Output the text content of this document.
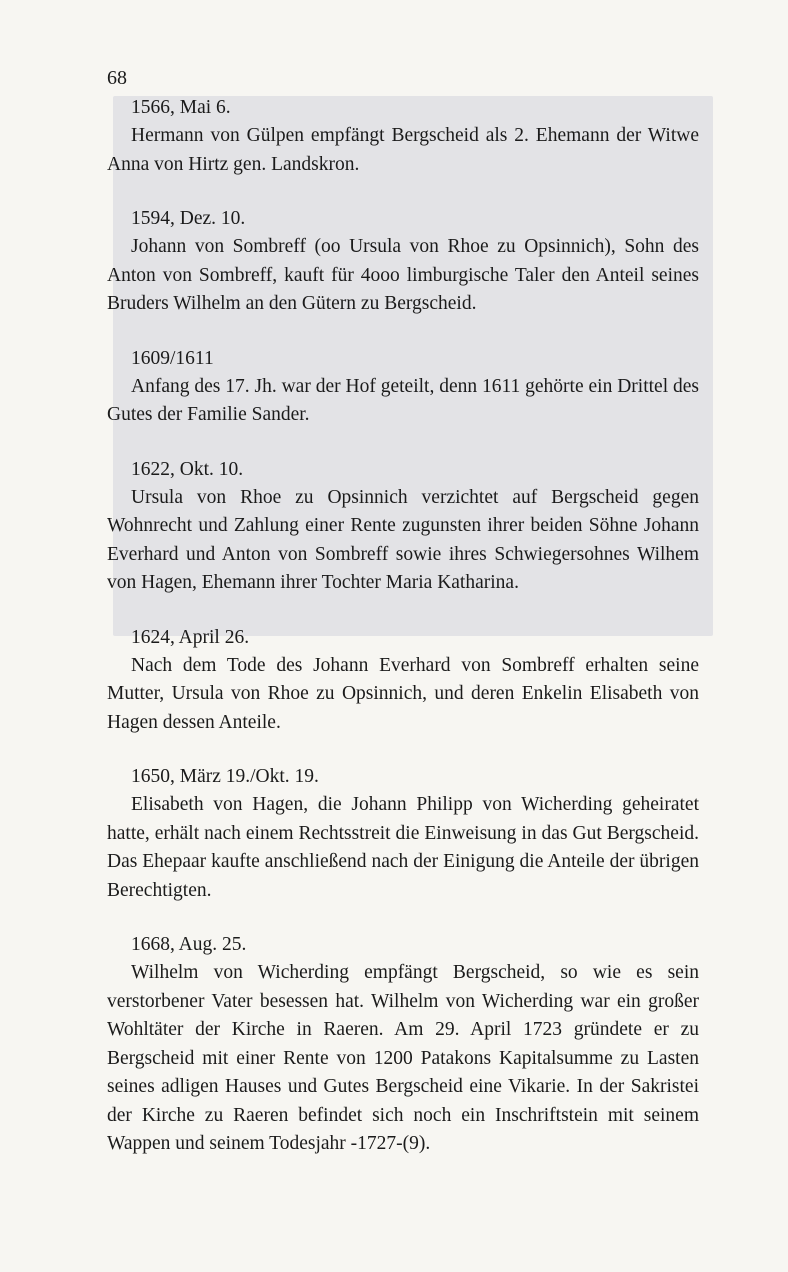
68

1566, Mai 6.

Hermann von Gülpen empfängt Bergscheid als 2. Ehemann der Witwe Anna von Hirtz gen. Landskron.

1594, Dez. 10.

Johann von Sombreff (oo Ursula von Rhoe zu Opsinnich), Sohn des Anton von Sombreff, kauft für 4ooo limburgische Taler den Anteil seines Bruders Wilhelm an den Gütern zu Bergscheid.

1609/1611

Anfang des 17. Jh. war der Hof geteilt, denn 1611 gehörte ein Drittel des Gutes der Familie Sander.

1622, Okt. 10.

Ursula von Rhoe zu Opsinnich verzichtet auf Bergscheid gegen Wohnrecht und Zahlung einer Rente zugunsten ihrer beiden Söhne Johann Everhard und Anton von Sombreff sowie ihres Schwiegersohnes Wilhem von Hagen, Ehemann ihrer Tochter Maria Katharina.

1624, April 26.

Nach dem Tode des Johann Everhard von Sombreff erhalten seine Mutter, Ursula von Rhoe zu Opsinnich, und deren Enkelin Elisabeth von Hagen dessen Anteile.

1650, März 19./Okt. 19.

Elisabeth von Hagen, die Johann Philipp von Wicherding geheiratet hatte, erhält nach einem Rechtsstreit die Einweisung in das Gut Bergscheid. Das Ehepaar kaufte anschließend nach der Einigung die Anteile der übrigen Berechtigten.

1668, Aug. 25.

Wilhelm von Wicherding empfängt Bergscheid, so wie es sein verstorbener Vater besessen hat. Wilhelm von Wicherding war ein großer Wohltäter der Kirche in Raeren. Am 29. April 1723 gründete er zu Bergscheid mit einer Rente von 1200 Patakons Kapitalsumme zu Lasten seines adligen Hauses und Gutes Bergscheid eine Vikarie. In der Sakristei der Kirche zu Raeren befindet sich noch ein Inschriftstein mit seinem Wappen und seinem Todesjahr -1727-(9).
